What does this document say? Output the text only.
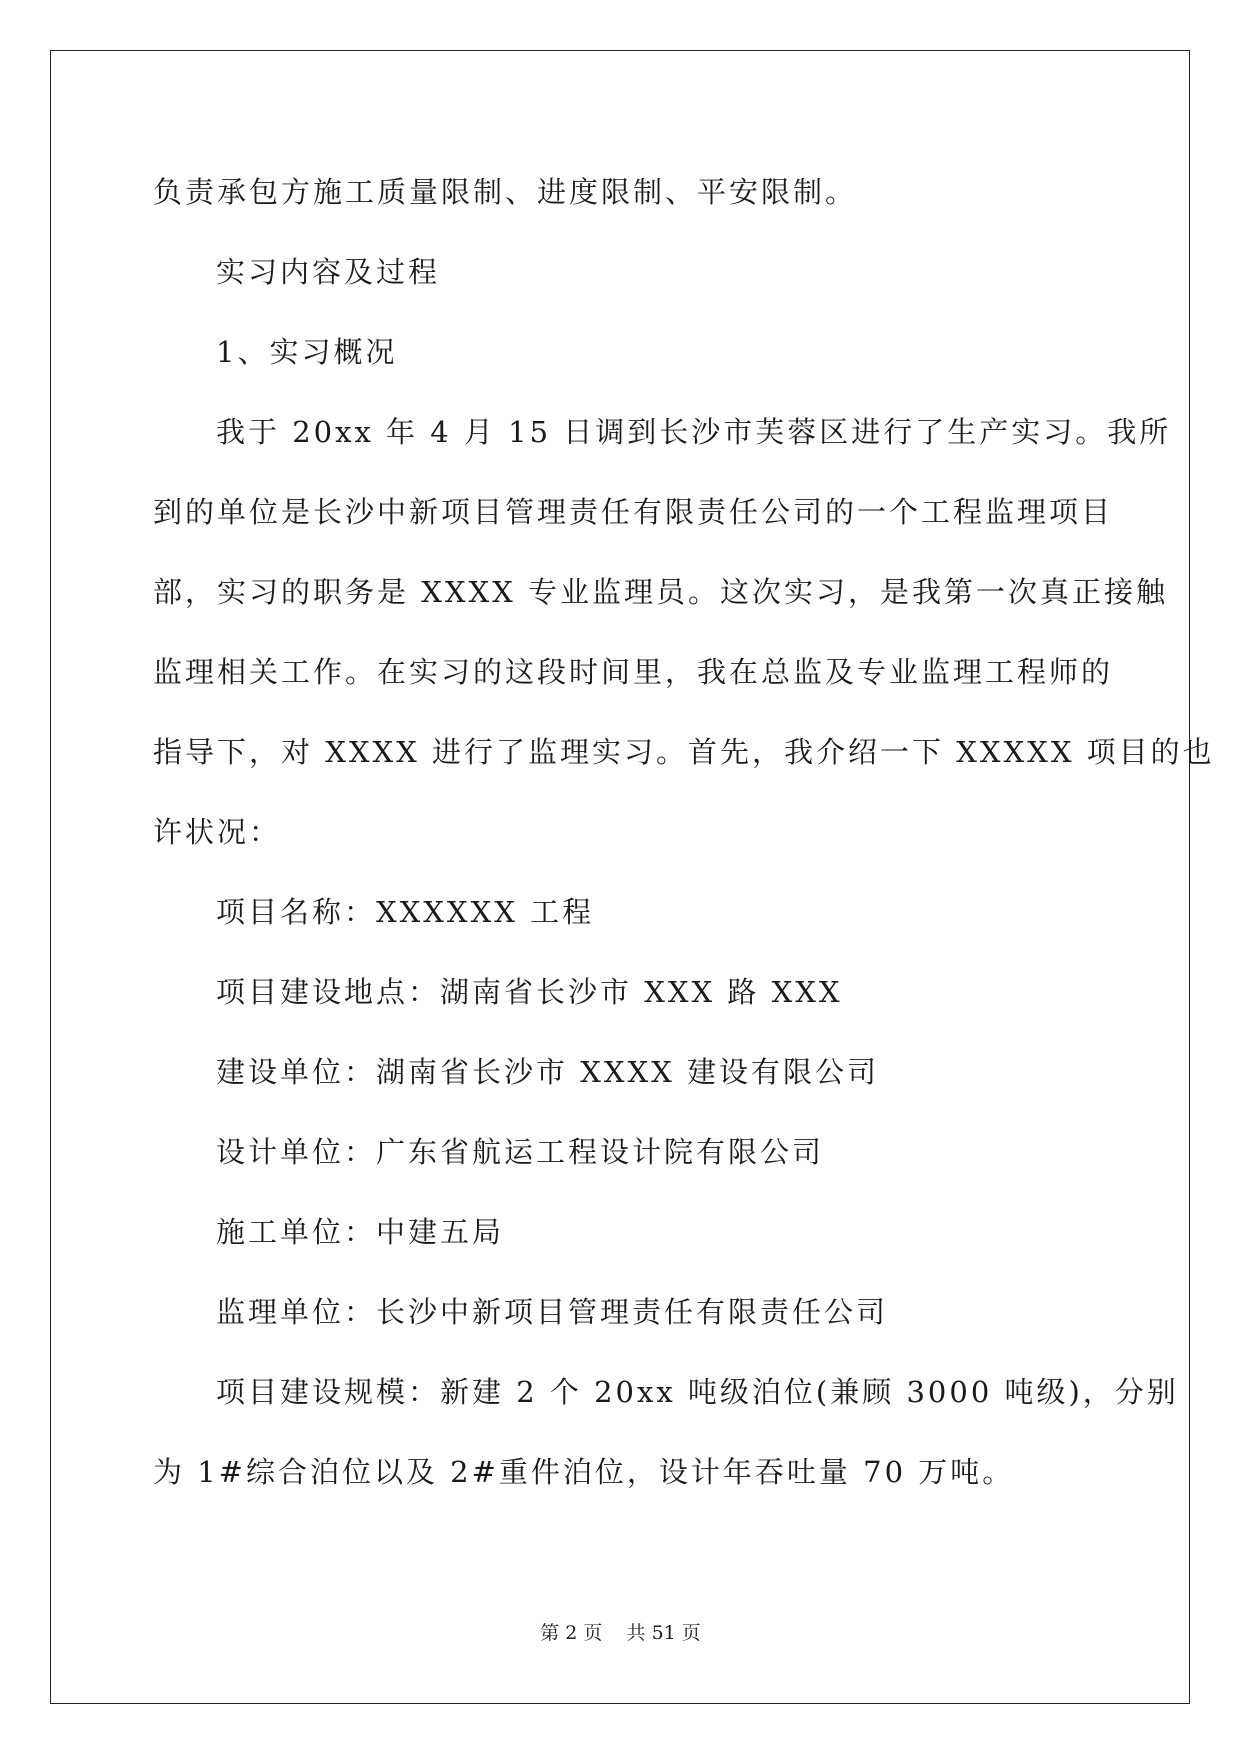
负责承包方施工质量限制、进度限制、平安限制。
实习内容及过程
1、实习概况
我于 20xx 年 4 月 15 日调到长沙市芙蓉区进行了生产实习。我所
到的单位是长沙中新项目管理责任有限责任公司的一个工程监理项目
部，实习的职务是 XXXX 专业监理员。这次实习，是我第一次真正接触
监理相关工作。在实习的这段时间里，我在总监及专业监理工程师的
指导下，对 XXXX 进行了监理实习。首先，我介绍一下 XXXXX 项目的也
许状况：
项目名称：XXXXXX 工程
项目建设地点：湖南省长沙市 XXX 路 XXX
建设单位：湖南省长沙市 XXXX 建设有限公司
设计单位：广东省航运工程设计院有限公司
施工单位：中建五局
监理单位：长沙中新项目管理责任有限责任公司
项目建设规模：新建 2 个 20xx 吨级泊位(兼顾 3000 吨级)，分别
为 1#综合泊位以及 2#重件泊位，设计年吞吐量 70 万吨。
第 2 页    共 51 页
